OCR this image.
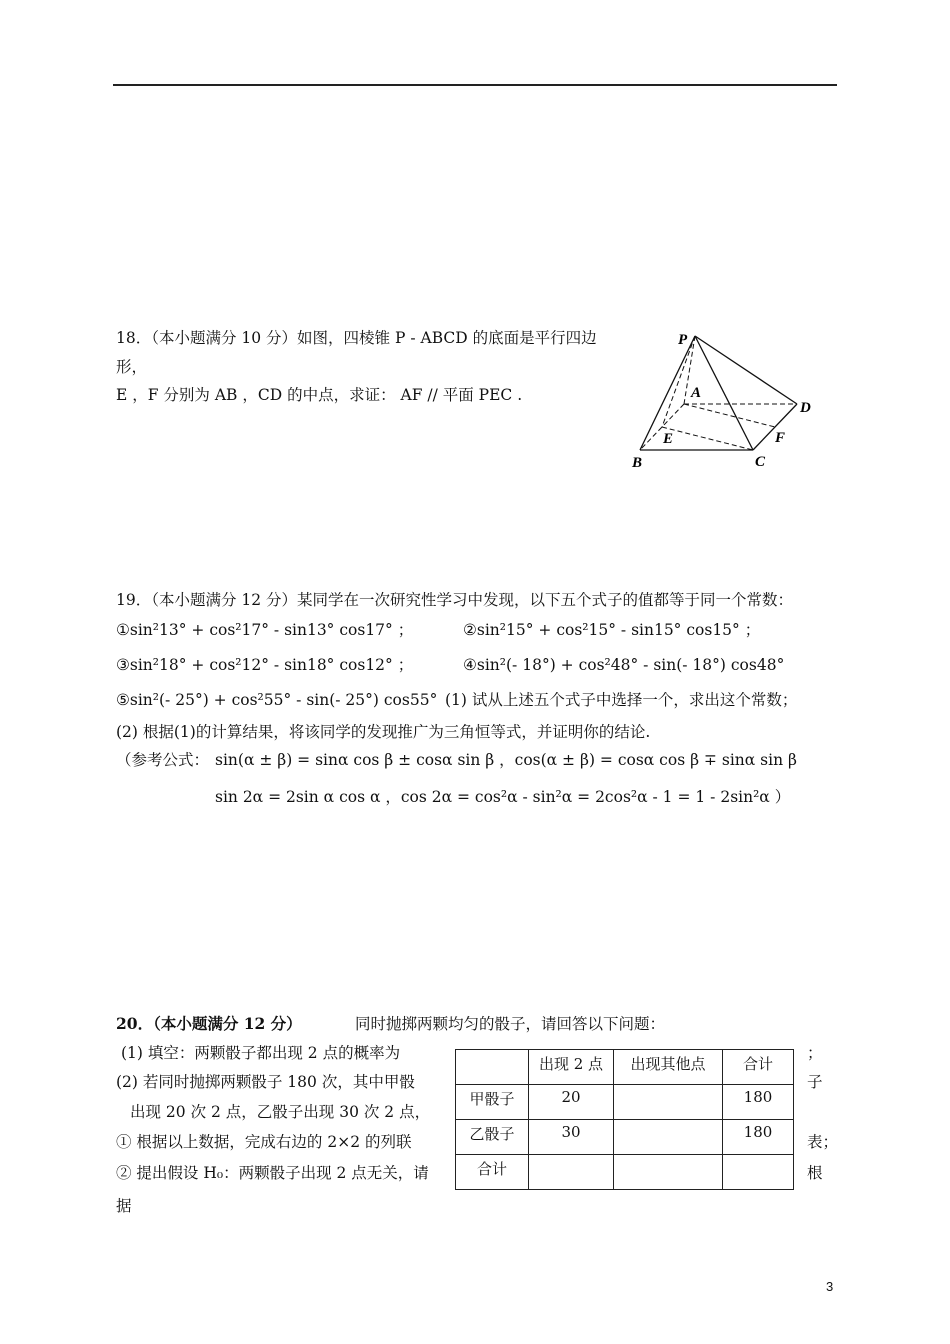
18．（本小题满分 10 分）如图，四棱锥 P - ABCD 的底面是平行四边
形，
E ，F 分别为 AB ，CD 的中点，求证： AF // 平面 PEC .
P
A
D
E	F
B	C
19．（本小题满分 12 分）某同学在一次研究性学习中发现，以下五个式子的值都等于同一个常数：
①sin²13° + cos²17° - sin13° cos17° ；	②sin²15° + cos²15° - sin15° cos15° ；
③sin²18° + cos²12° - sin18° cos12° ；	④sin²(- 18°) + cos²48° - sin(- 18°) cos48°
⑤sin²(- 25°) + cos²55° - sin(- 25°) cos55° (1) 试从上述五个式子中选择一个，求出这个常数；
(2) 根据(1)的计算结果，将该同学的发现推广为三角恒等式，并证明你的结论.
（参考公式： sin(α ± β) = sinα cos β ± cosα sin β ，cos(α ± β) = cosα cos β ∓ sinα sin β
sin 2α = 2sin α cos α ，cos 2α = cos²α - sin²α = 2cos²α - 1 = 1 - 2sin²α ）
20．（本小题满分 12 分）	同时抛掷两颗均匀的骰子，请回答以下问题：
(1) 填空：两颗骰子都出现 2 点的概率为	；
(2) 若同时抛掷两颗骰子 180 次，其中甲骰	子
出现 20 次 2 点，乙骰子出现 30 次 2 点，
① 根据以上数据，完成右边的 2×2 的列联	表；
② 提出假设 H₀：两颗骰子出现 2 点无关，请	根
据
	出现 2 点	出现其他点	合计
甲骰子	20		180
乙骰子	30		180
合计			
3
